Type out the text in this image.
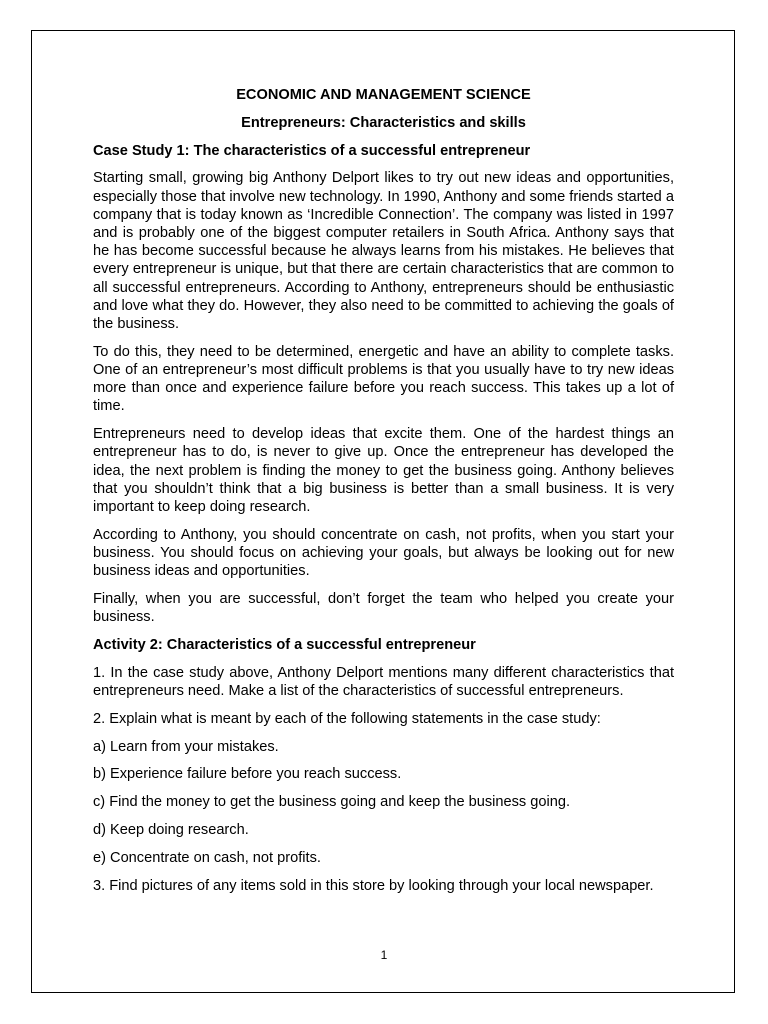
ECONOMIC AND MANAGEMENT SCIENCE
Entrepreneurs: Characteristics and skills
Case Study 1: The characteristics of a successful entrepreneur
Starting small, growing big Anthony Delport likes to try out new ideas and opportunities, especially those that involve new technology. In 1990, Anthony and some friends started a company that is today known as ‘Incredible Connection’. The company was listed in 1997 and is probably one of the biggest computer retailers in South Africa. Anthony says that he has become successful because he always learns from his mistakes. He believes that every entrepreneur is unique, but that there are certain characteristics that are common to all successful entrepreneurs. According to Anthony, entrepreneurs should be enthusiastic and love what they do. However, they also need to be committed to achieving the goals of the business.
To do this, they need to be determined, energetic and have an ability to complete tasks. One of an entrepreneur’s most difficult problems is that you usually have to try new ideas more than once and experience failure before you reach success. This takes up a lot of time.
Entrepreneurs need to develop ideas that excite them. One of the hardest things an entrepreneur has to do, is never to give up. Once the entrepreneur has developed the idea, the next problem is finding the money to get the business going. Anthony believes that you shouldn’t think that a big business is better than a small business. It is very important to keep doing research.
According to Anthony, you should concentrate on cash, not profits, when you start your business. You should focus on achieving your goals, but always be looking out for new business ideas and opportunities.
Finally, when you are successful, don’t forget the team who helped you create your business.
Activity 2: Characteristics of a successful entrepreneur
1. In the case study above, Anthony Delport mentions many different characteristics that entrepreneurs need. Make a list of the characteristics of successful entrepreneurs.
2. Explain what is meant by each of the following statements in the case study:
a) Learn from your mistakes.
b) Experience failure before you reach success.
c) Find the money to get the business going and keep the business going.
d) Keep doing research.
e) Concentrate on cash, not profits.
3. Find pictures of any items sold in this store by looking through your local newspaper.
1
